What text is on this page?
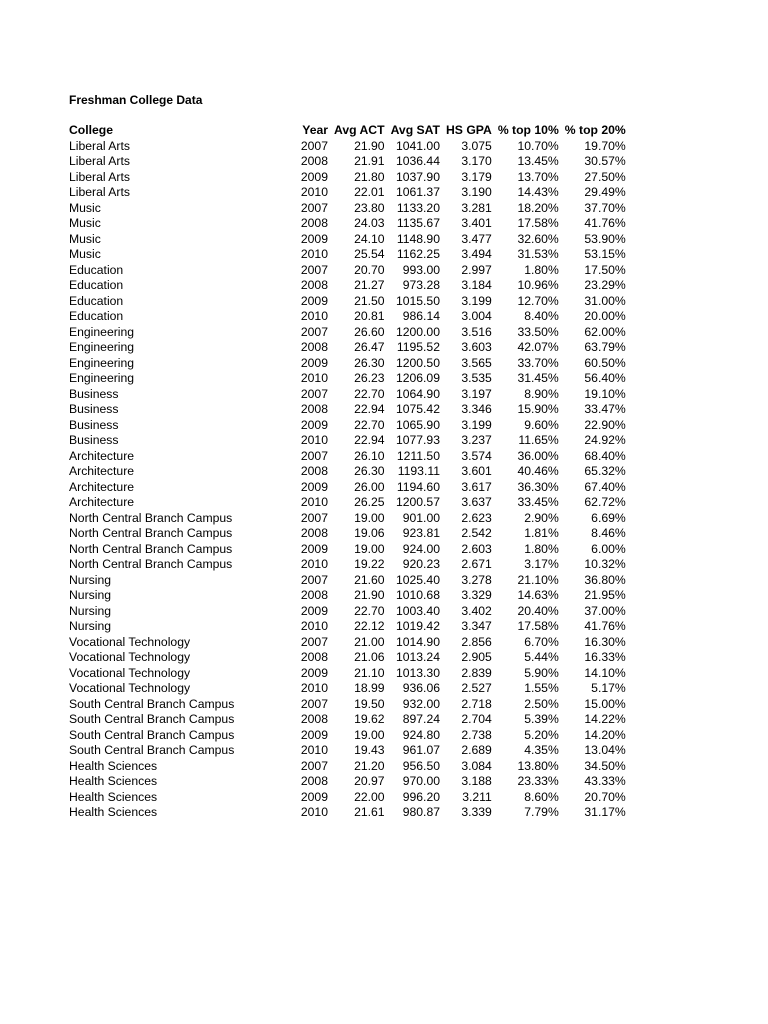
Freshman College Data
College	Year	Avg ACT	Avg SAT	HS GPA	% top 10%	% top 20%
Liberal Arts	2007	21.90	1041.00	3.075	10.70%	19.70%
Liberal Arts	2008	21.91	1036.44	3.170	13.45%	30.57%
Liberal Arts	2009	21.80	1037.90	3.179	13.70%	27.50%
Liberal Arts	2010	22.01	1061.37	3.190	14.43%	29.49%
Music	2007	23.80	1133.20	3.281	18.20%	37.70%
Music	2008	24.03	1135.67	3.401	17.58%	41.76%
Music	2009	24.10	1148.90	3.477	32.60%	53.90%
Music	2010	25.54	1162.25	3.494	31.53%	53.15%
Education	2007	20.70	993.00	2.997	1.80%	17.50%
Education	2008	21.27	973.28	3.184	10.96%	23.29%
Education	2009	21.50	1015.50	3.199	12.70%	31.00%
Education	2010	20.81	986.14	3.004	8.40%	20.00%
Engineering	2007	26.60	1200.00	3.516	33.50%	62.00%
Engineering	2008	26.47	1195.52	3.603	42.07%	63.79%
Engineering	2009	26.30	1200.50	3.565	33.70%	60.50%
Engineering	2010	26.23	1206.09	3.535	31.45%	56.40%
Business	2007	22.70	1064.90	3.197	8.90%	19.10%
Business	2008	22.94	1075.42	3.346	15.90%	33.47%
Business	2009	22.70	1065.90	3.199	9.60%	22.90%
Business	2010	22.94	1077.93	3.237	11.65%	24.92%
Architecture	2007	26.10	1211.50	3.574	36.00%	68.40%
Architecture	2008	26.30	1193.11	3.601	40.46%	65.32%
Architecture	2009	26.00	1194.60	3.617	36.30%	67.40%
Architecture	2010	26.25	1200.57	3.637	33.45%	62.72%
North Central Branch Campus	2007	19.00	901.00	2.623	2.90%	6.69%
North Central Branch Campus	2008	19.06	923.81	2.542	1.81%	8.46%
North Central Branch Campus	2009	19.00	924.00	2.603	1.80%	6.00%
North Central Branch Campus	2010	19.22	920.23	2.671	3.17%	10.32%
Nursing	2007	21.60	1025.40	3.278	21.10%	36.80%
Nursing	2008	21.90	1010.68	3.329	14.63%	21.95%
Nursing	2009	22.70	1003.40	3.402	20.40%	37.00%
Nursing	2010	22.12	1019.42	3.347	17.58%	41.76%
Vocational Technology	2007	21.00	1014.90	2.856	6.70%	16.30%
Vocational Technology	2008	21.06	1013.24	2.905	5.44%	16.33%
Vocational Technology	2009	21.10	1013.30	2.839	5.90%	14.10%
Vocational Technology	2010	18.99	936.06	2.527	1.55%	5.17%
South Central Branch Campus	2007	19.50	932.00	2.718	2.50%	15.00%
South Central Branch Campus	2008	19.62	897.24	2.704	5.39%	14.22%
South Central Branch Campus	2009	19.00	924.80	2.738	5.20%	14.20%
South Central Branch Campus	2010	19.43	961.07	2.689	4.35%	13.04%
Health Sciences	2007	21.20	956.50	3.084	13.80%	34.50%
Health Sciences	2008	20.97	970.00	3.188	23.33%	43.33%
Health Sciences	2009	22.00	996.20	3.211	8.60%	20.70%
Health Sciences	2010	21.61	980.87	3.339	7.79%	31.17%
